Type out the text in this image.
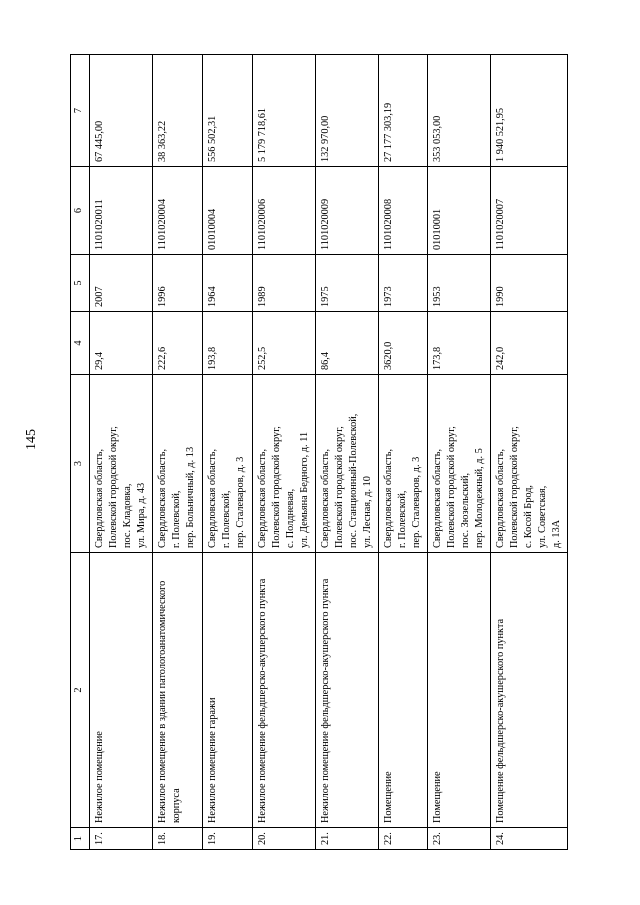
145
1	2	3	4	5	6	7
17.	Нежилое помещение	Свердловская область, Полевской городской округ, пос. Кладовка, ул. Мира, д. 43	29,4	2007	1101020011	67 445,00
18.	Нежилое помещение в здании патологоанатомического корпуса	Свердловская область, г. Полевской, пер. Больничный, д. 13	222,6	1996	1101020004	38 363,22
19.	Нежилое помещение гаражи	Свердловская область, г. Полевской, пер. Сталеваров, д. 3	193,8	1964	01010004	556 502,31
20.	Нежилое помещение фельдшерско-акушерского пункта	Свердловская область, Полевской городской округ, с. Полдневая, ул. Демьяна Бедного, д. 11	252,5	1989	1101020006	5 179 718,61
21.	Нежилое помещение фельдшерско-акушерского пункта	Свердловская область, Полевской городской округ, пос. Станционный-Полевской, ул. Лесная, д. 10	86,4	1975	1101020009	132 970,00
22.	Помещение	Свердловская область, г. Полевской, пер. Сталеваров, д. 3	3620,0	1973	1101020008	27 177 303,19
23.	Помещение	Свердловская область, Полевской городской округ, пос. Зюзельский, пер. Молодежный, д. 5	173,8	1953	01010001	353 053,00
24.	Помещение фельдшерско-акушерского пункта	Свердловская область, Полевской городской округ, с. Косой Брод, ул. Советская, д. 13А	242,0	1990	1101020007	1 940 521,95
